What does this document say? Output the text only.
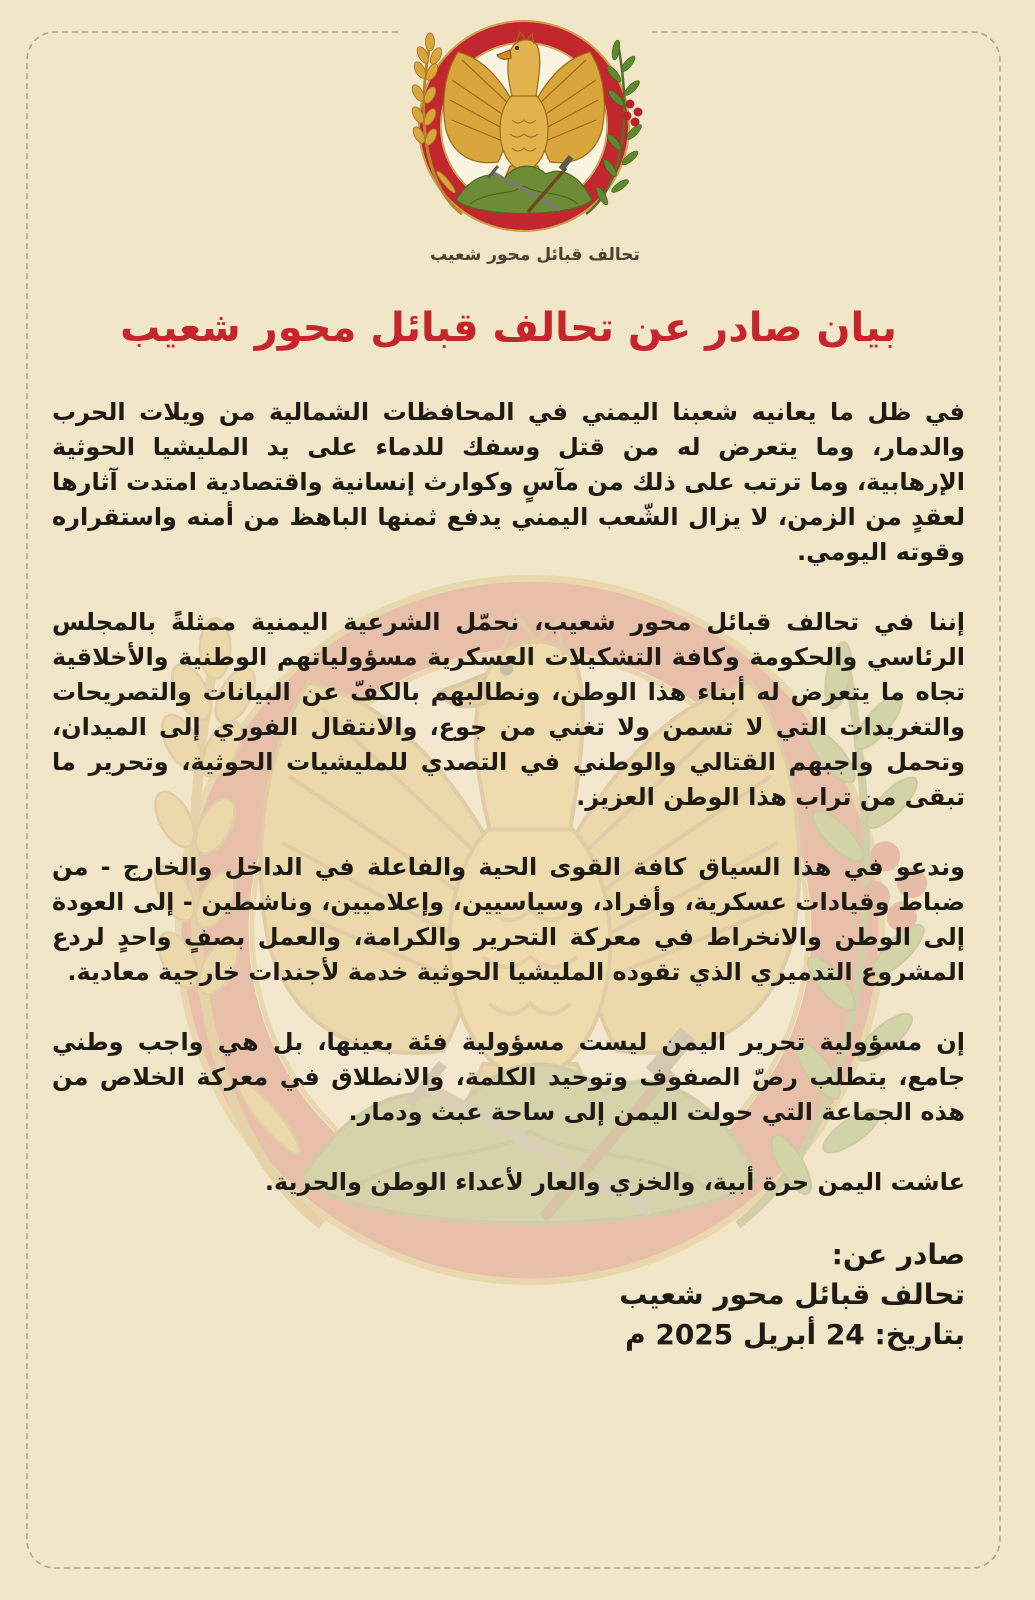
تحالف قبائل محور شعيب
بيان صادر عن تحالف قبائل محور شعيب

في ظل ما يعانيه شعبنا اليمني في المحافظات الشمالية من ويلات الحرب والدمار، وما يتعرض له من قتل وسفك للدماء على يد المليشيا الحوثية الإرهابية، وما ترتب على ذلك من مآسٍ وكوارث إنسانية واقتصادية امتدت آثارها لعقدٍ من الزمن، لا يزال الشّعب اليمني يدفع ثمنها الباهظ من أمنه واستقراره وقوته اليومي.

إننا في تحالف قبائل محور شعيب، نحمّل الشرعية اليمنية ممثلةً بالمجلس الرئاسي والحكومة وكافة التشكيلات العسكرية مسؤولياتهم الوطنية والأخلاقية تجاه ما يتعرض له أبناء هذا الوطن، ونطالبهم بالكفّ عن البيانات والتصريحات والتغريدات التي لا تسمن ولا تغني من جوع، والانتقال الفوري إلى الميدان، وتحمل واجبهم القتالي والوطني في التصدي للمليشيات الحوثية، وتحرير ما تبقى من تراب هذا الوطن العزيز.

وندعو في هذا السياق كافة القوى الحية والفاعلة في الداخل والخارج - من ضباط وقيادات عسكرية، وأفراد، وسياسيين، وإعلاميين، وناشطين - إلى العودة إلى الوطن والانخراط في معركة التحرير والكرامة، والعمل بصفٍ واحدٍ لردع المشروع التدميري الذي تقوده المليشيا الحوثية خدمة لأجندات خارجية معادية.

إن مسؤولية تحرير اليمن ليست مسؤولية فئة بعينها، بل هي واجب وطني جامع، يتطلب رصّ الصفوف وتوحيد الكلمة، والانطلاق في معركة الخلاص من هذه الجماعة التي حولت اليمن إلى ساحة عبث ودمار.

عاشت اليمن حرة أبية، والخزي والعار لأعداء الوطن والحرية.

صادر عن:
تحالف قبائل محور شعيب
بتاريخ: 24 أبريل 2025 م
